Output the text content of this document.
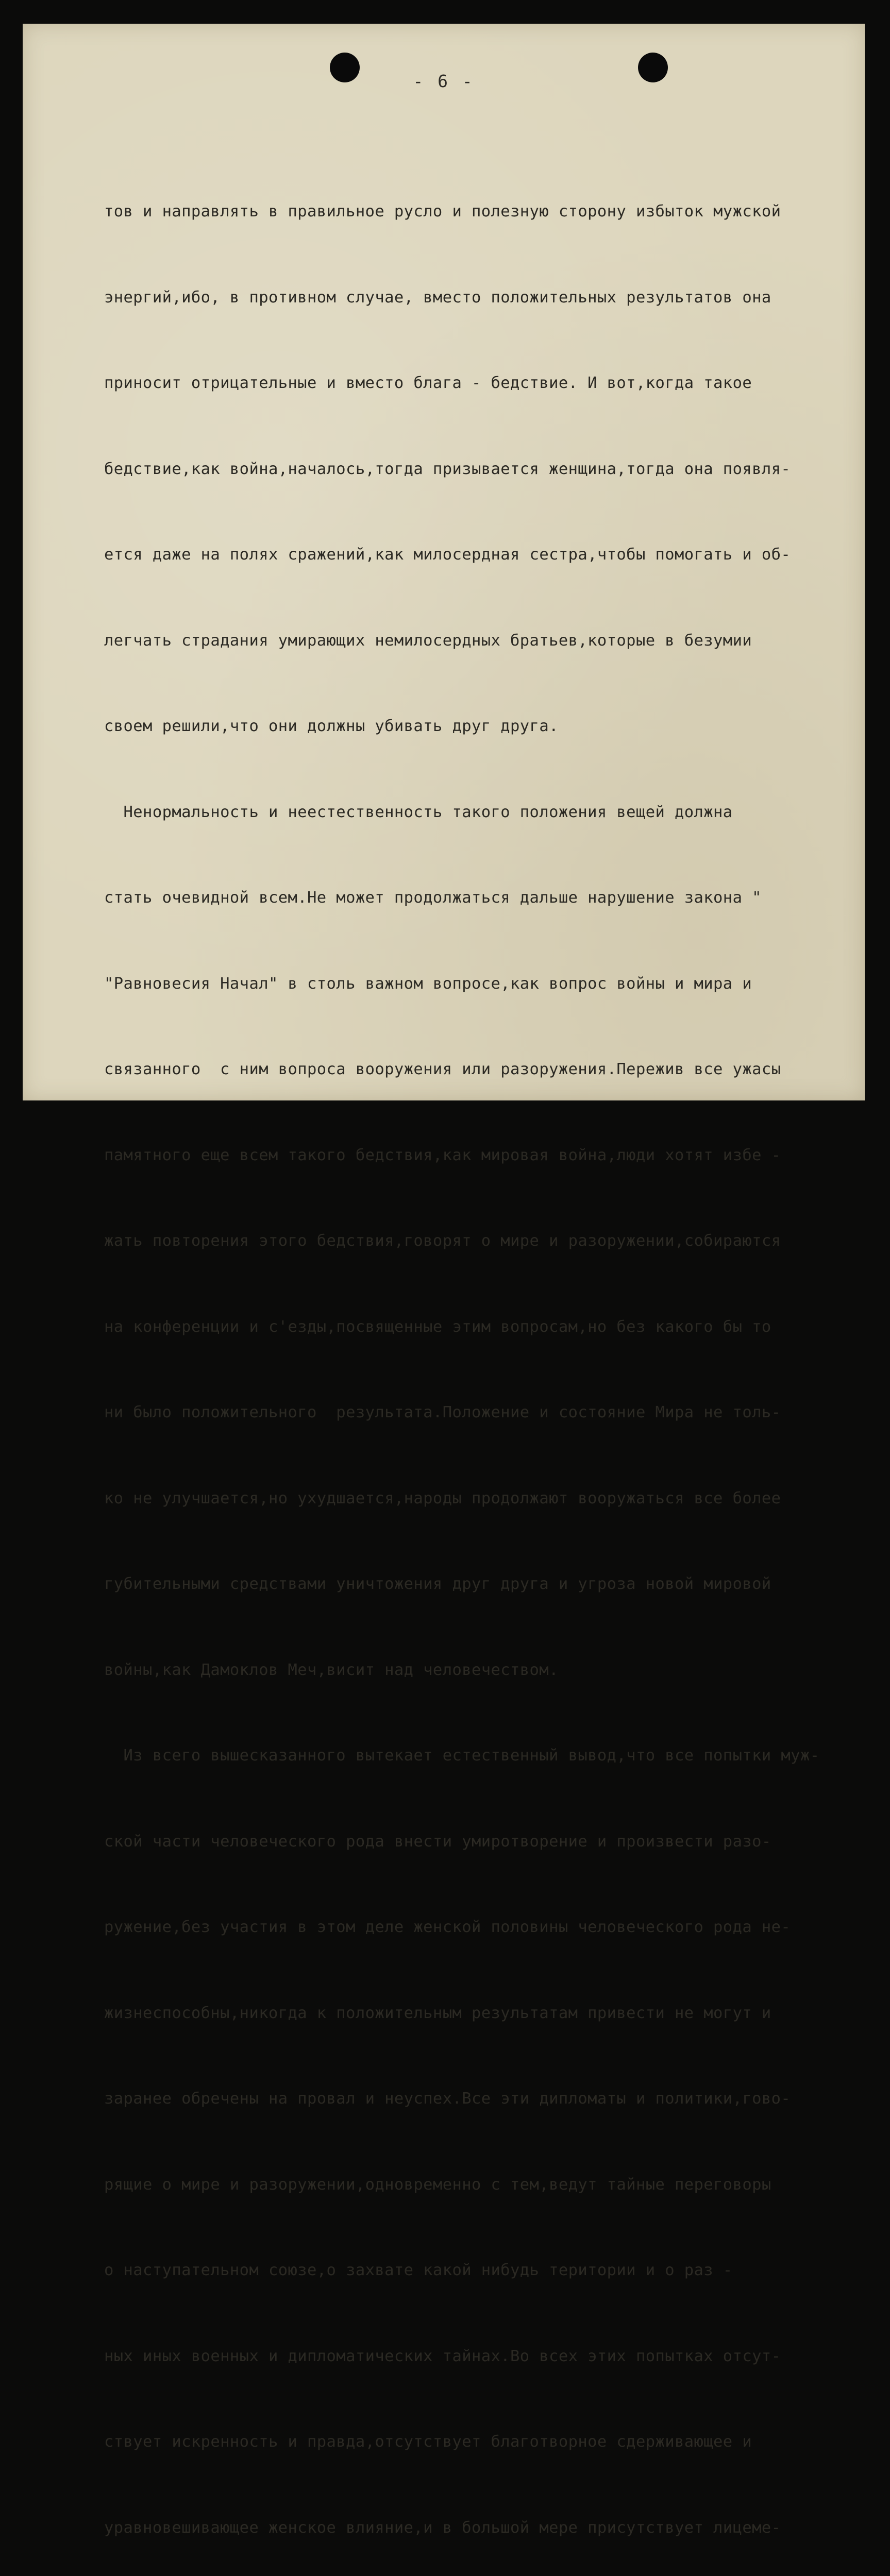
- 6 -

тов и направлять в правильное русло и полезную сторону избыток мужской

энергий,ибо, в противном случае, вместо положительных результатов она

приносит отрицательные и вместо блага - бедствие. И вот,когда такое

бедствие,как война,началось,тогда призывается женщина,тогда она появля-

ется даже на полях сражений,как милосердная сестра,чтобы помогать и об-

легчать страдания умирающих немилосердных братьев,которые в безумии

своем решили,что они должны убивать друг друга.

Ненормальность и неестественность такого положения вещей должна

стать очевидной всем.Не может продолжаться дальше нарушение закона "

"Равновесия Начал" в столь важном вопросе,как вопрос войны и мира и

связанного  с ним вопроса вооружения или разоружения.Пережив все ужасы

памятного еще всем такого бедствия,как мировая война,люди хотят избе -

жать повторения этого бедствия,говорят о мире и разоружении,собираются

на конференции и с'езды,посвященные этим вопросам,но без какого бы то

ни было положительного  результата.Положение и состояние Мира не толь-

ко не улучшается,но ухудшается,народы продолжают вооружаться все более

губительными средствами уничтожения друг друга и угроза новой мировой

войны,как Дамоклов Меч,висит над человечеством.

Из всего вышесказанного вытекает естественный вывод,что все попытки муж-

ской части человеческого рода внести умиротворение и произвести разо-

ружение,без участия в этом деле женской половины человеческого рода не-

жизнеспособны,никогда к положительным результатам привести не могут и

заранее обречены на провал и неуспех.Все эти дипломаты и политики,гово-

рящие о мире и разоружении,одновременно с тем,ведут тайные переговоры

о наступательном союзе,о захвате какой нибудь територии и о раз -

ных иных военных и дипломатических тайнах.Во всех этих попытках отсут-

ствует искренность и правда,отсутствует благотворное сдерживающее и

уравновешивающее женское влияние,и в большой мере присутствует лицеме-
